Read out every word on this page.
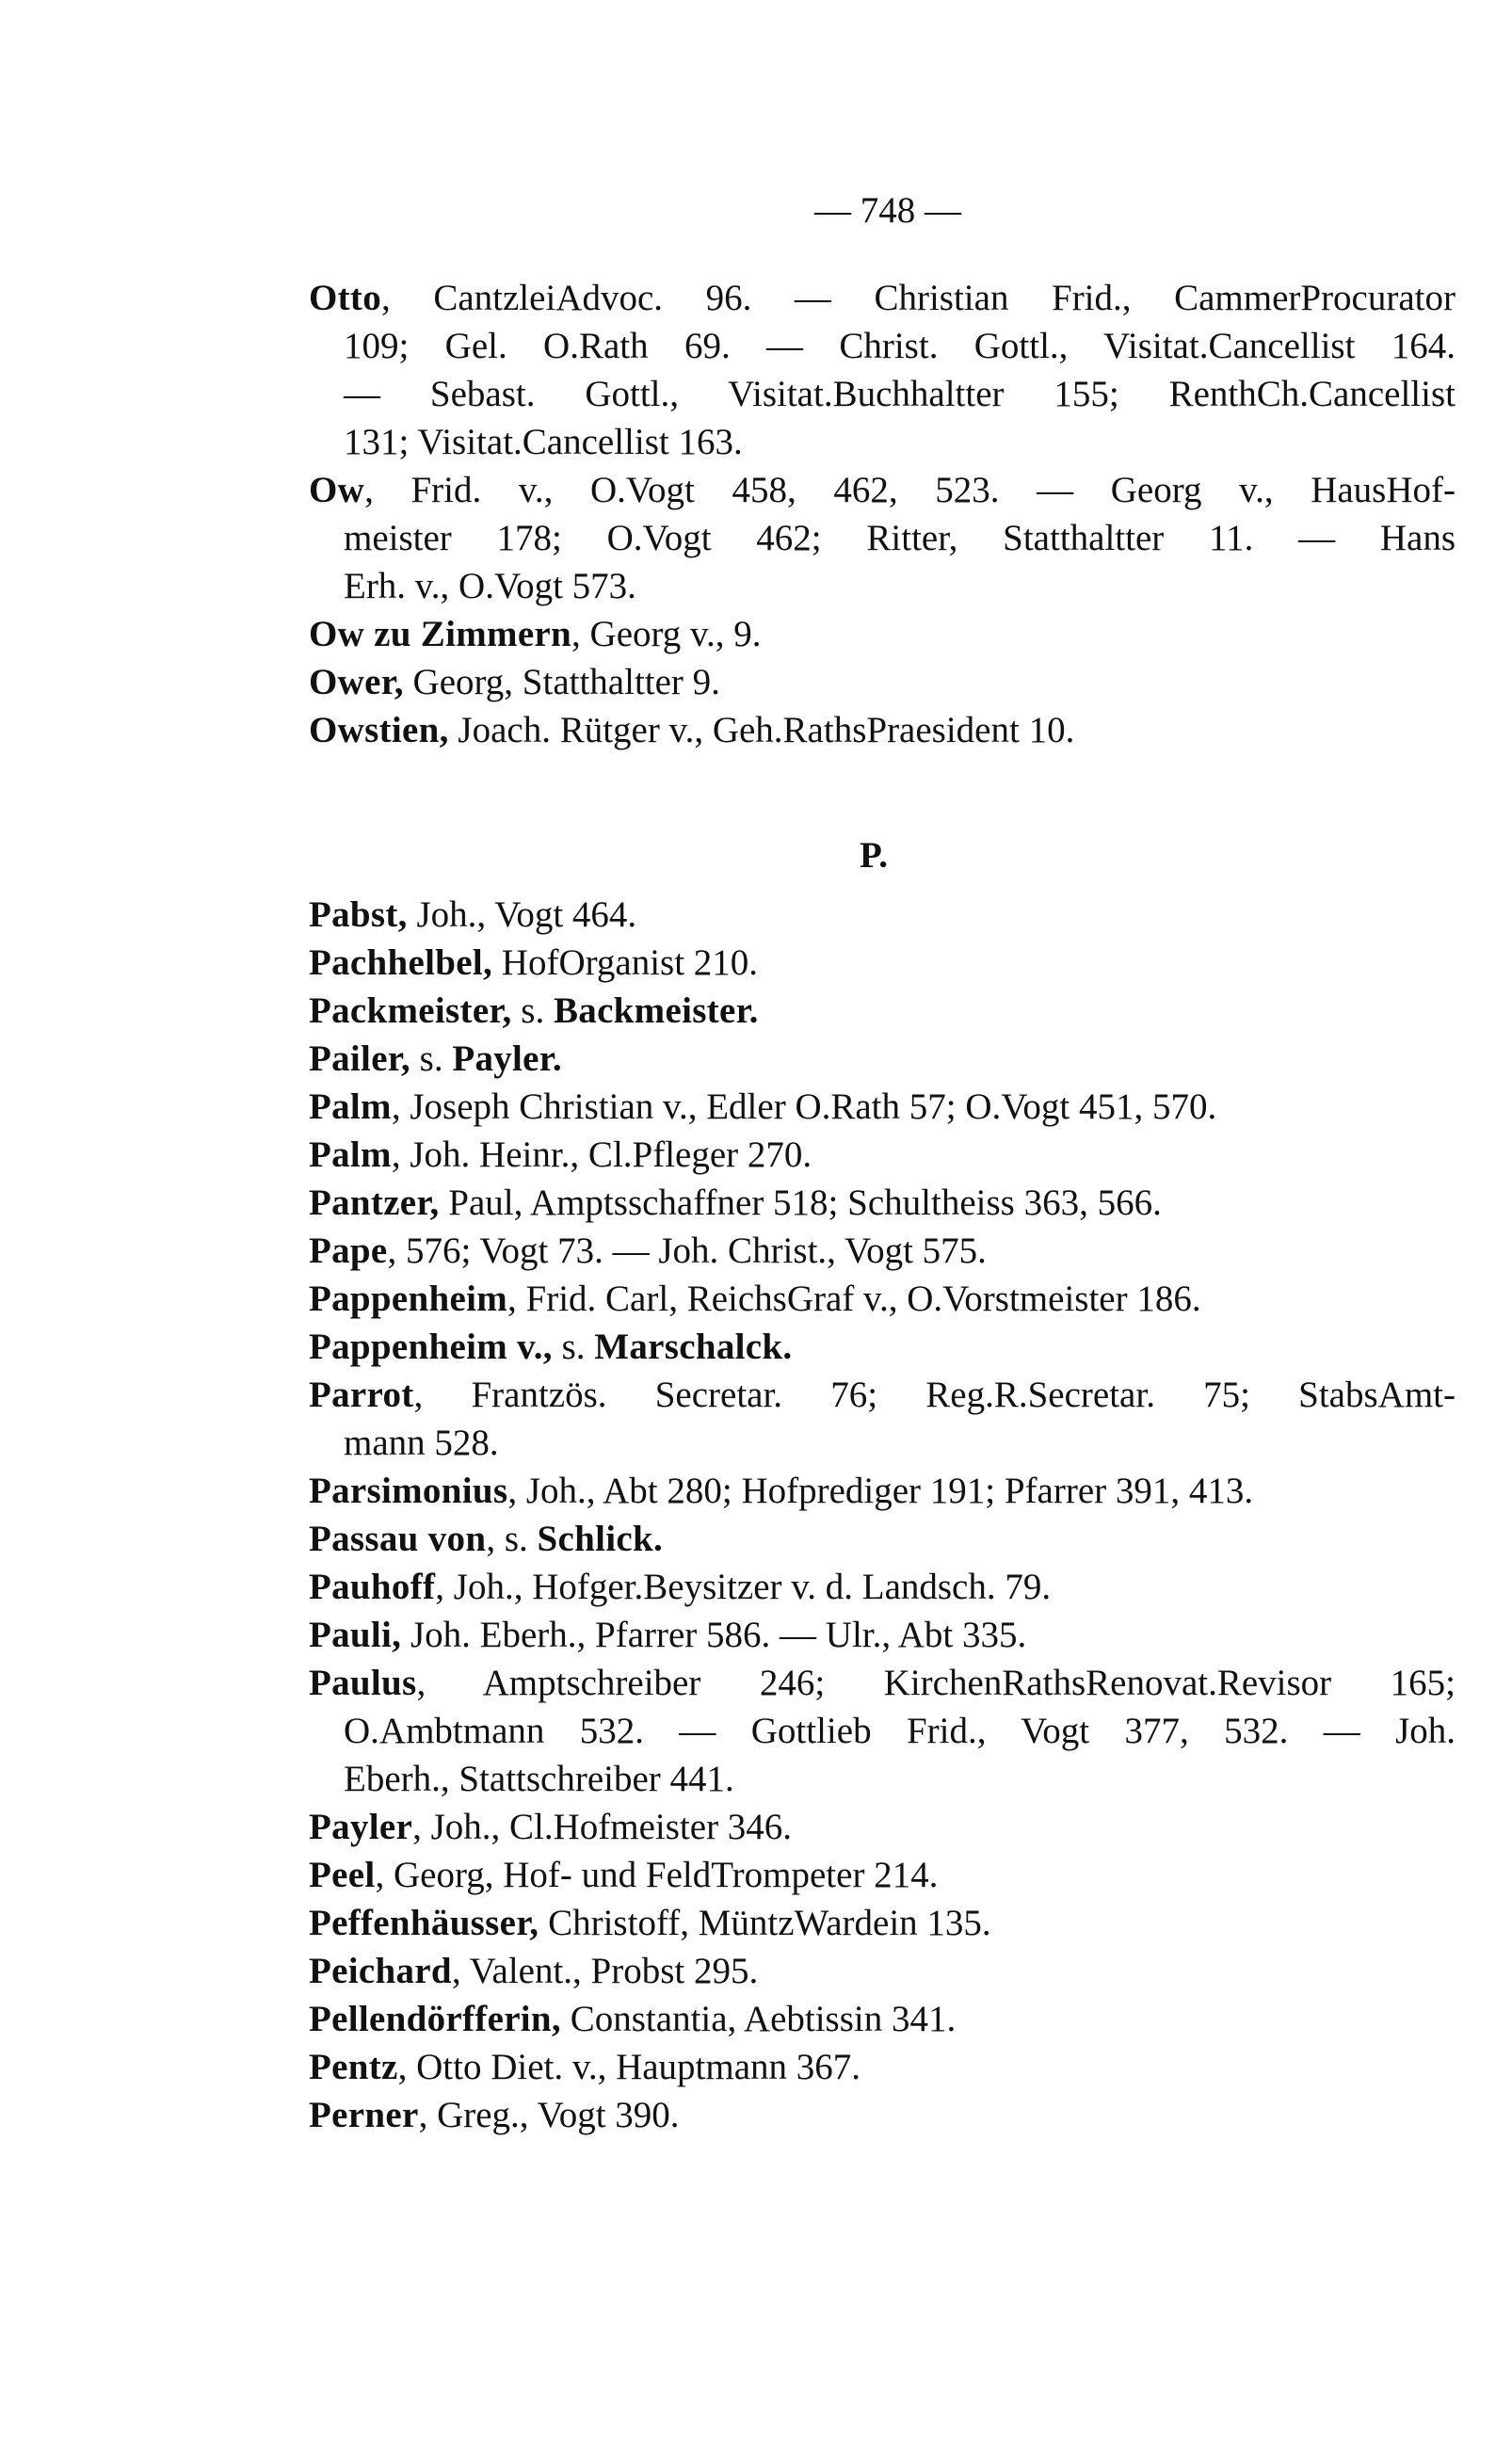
— 748 —
Otto, CantzleiAdvoc. 96. — Christian Frid., CammerProcurator
109; Gel. O.Rath 69. — Christ. Gottl., Visitat.Cancellist 164.
— Sebast. Gottl., Visitat.Buchhaltter 155; RenthCh.Cancellist
131; Visitat.Cancellist 163.
Ow, Frid. v., O.Vogt 458, 462, 523. — Georg v., HausHof-
meister 178; O.Vogt 462; Ritter, Statthaltter 11. — Hans
Erh. v., O.Vogt 573.
Ow zu Zimmern, Georg v., 9.
Ower, Georg, Statthaltter 9.
Owstien, Joach. Rütger v., Geh.RathsPraesident 10.
P.
Pabst, Joh., Vogt 464.
Pachhelbel, HofOrganist 210.
Packmeister, s. Backmeister.
Pailer, s. Payler.
Palm, Joseph Christian v., Edler O.Rath 57; O.Vogt 451, 570.
Palm, Joh. Heinr., Cl.Pfleger 270.
Pantzer, Paul, Amptsschaffner 518; Schultheiss 363, 566.
Pape, 576; Vogt 73. — Joh. Christ., Vogt 575.
Pappenheim, Frid. Carl, ReichsGraf v., O.Vorstmeister 186.
Pappenheim v., s. Marschalck.
Parrot, Frantzös. Secretar. 76; Reg.R.Secretar. 75; StabsAmt-
mann 528.
Parsimonius, Joh., Abt 280; Hofprediger 191; Pfarrer 391, 413.
Passau von, s. Schlick.
Pauhoff, Joh., Hofger.Beysitzer v. d. Landsch. 79.
Pauli, Joh. Eberh., Pfarrer 586. — Ulr., Abt 335.
Paulus, Amptschreiber 246; KirchenRathsRenovat.Revisor 165;
O.Ambtmann 532. — Gottlieb Frid., Vogt 377, 532. — Joh.
Eberh., Stattschreiber 441.
Payler, Joh., Cl.Hofmeister 346.
Peel, Georg, Hof- und FeldTrompeter 214.
Peffenhäusser, Christoff, MüntzWardein 135.
Peichard, Valent., Probst 295.
Pellendörfferin, Constantia, Aebtissin 341.
Pentz, Otto Diet. v., Hauptmann 367.
Perner, Greg., Vogt 390.
